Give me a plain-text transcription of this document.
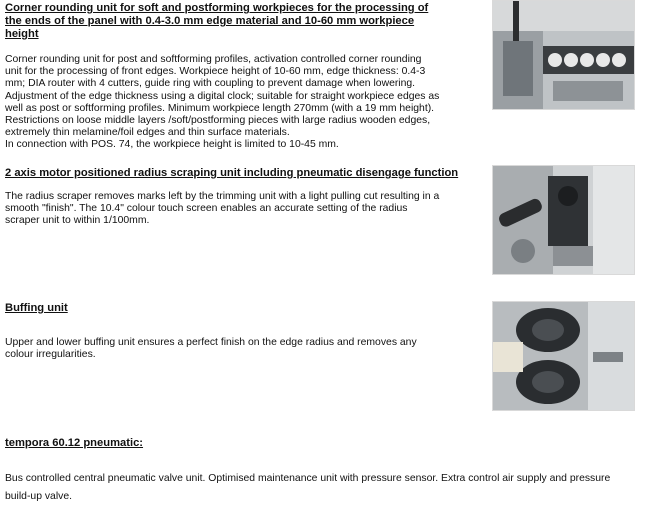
Corner rounding unit for soft and postforming workpieces for the processing of the ends of the panel with 0.4-3.0 mm edge material and 10-60 mm workpiece height

Corner rounding unit for post and softforming profiles, activation controlled corner rounding
unit for the processing of front edges. Workpiece height of 10-60 mm, edge thickness: 0.4-3
mm; DIA router with 4 cutters, guide ring with coupling to prevent damage when lowering.
Adjustment of the edge thickness using a digital clock; suitable for straight workpiece edges as
well as post or softforming profiles. Minimum workpiece length 270mm (with a 19 mm height).
Restrictions on loose middle layers /soft/postforming pieces with large radius wooden edges,
extremely thin melamine/foil edges and thin surface materials.
In connection with POS. 74, the workpiece height is limited to 10-45 mm.

2 axis motor positioned radius scraping unit including pneumatic disengage function

The radius scraper removes marks left by the trimming unit with a light pulling cut resulting in a
smooth "finish". The 10.4" colour touch screen enables an accurate setting of the radius
scraper unit to within 1/100mm.

Buffing unit

Upper and lower buffing unit ensures a perfect finish on the edge radius and removes any
colour irregularities.

tempora 60.12 pneumatic:

Bus controlled central pneumatic valve unit. Optimised maintenance unit with pressure sensor. Extra control air supply and pressure
build-up valve.
